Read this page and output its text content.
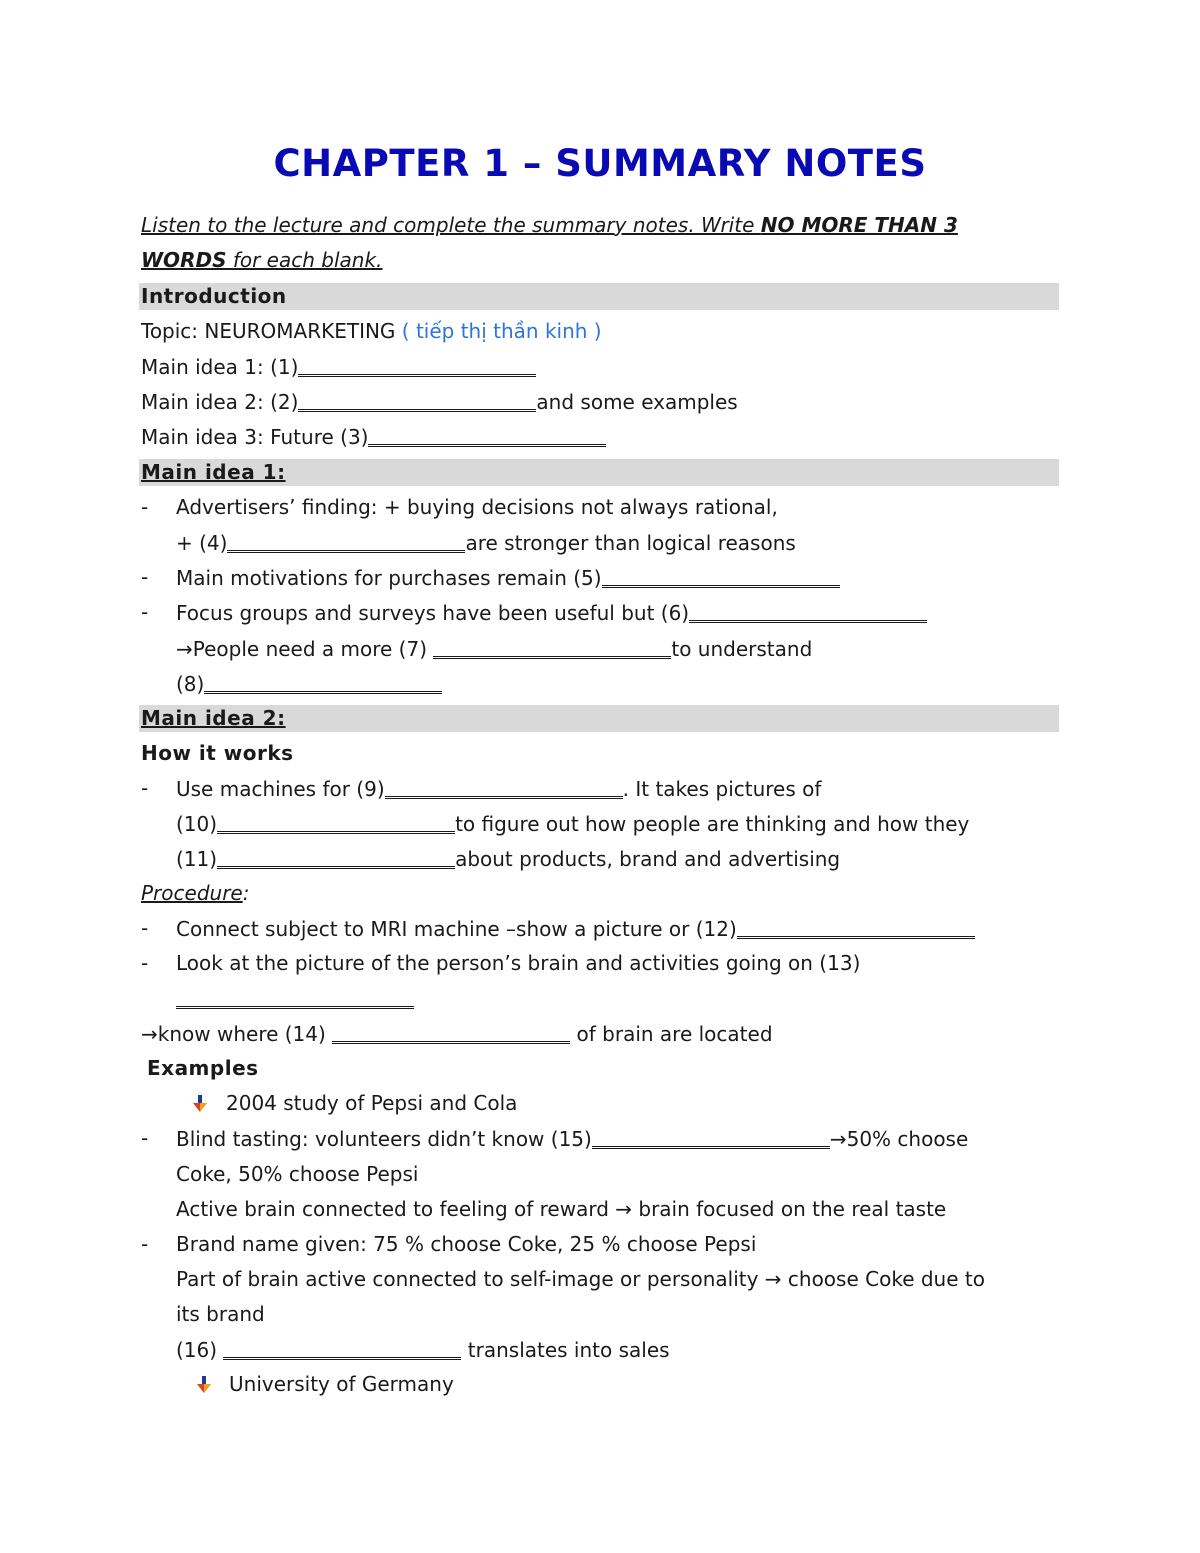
CHAPTER 1 – SUMMARY NOTES
Listen to the lecture and complete the summary notes. Write NO MORE THAN 3
WORDS for each blank.
Introduction
Topic: NEUROMARKETING ( tiếp thị thần kinh )
Main idea 1: (1)
Main idea 2: (2)	and some examples
Main idea 3: Future (3)
Main idea 1:
- Advertisers’ finding: + buying decisions not always rational,
+ (4)	are stronger than logical reasons
- Main motivations for purchases remain (5)
- Focus groups and surveys have been useful but (6)
→People need a more (7)	to understand
(8)
Main idea 2:
How it works
- Use machines for (9)	. It takes pictures of
(10)	to figure out how people are thinking and how they
(11)	about products, brand and advertising
Procedure:
- Connect subject to MRI machine –show a picture or (12)
- Look at the picture of the person’s brain and activities going on (13)
→know where (14)	of brain are located
Examples
2004 study of Pepsi and Cola
- Blind tasting: volunteers didn’t know (15)	→50% choose
Coke, 50% choose Pepsi
Active brain connected to feeling of reward → brain focused on the real taste
- Brand name given: 75 % choose Coke, 25 % choose Pepsi
Part of brain active connected to self-image or personality → choose Coke due to
its brand
(16)	translates into sales
University of Germany
